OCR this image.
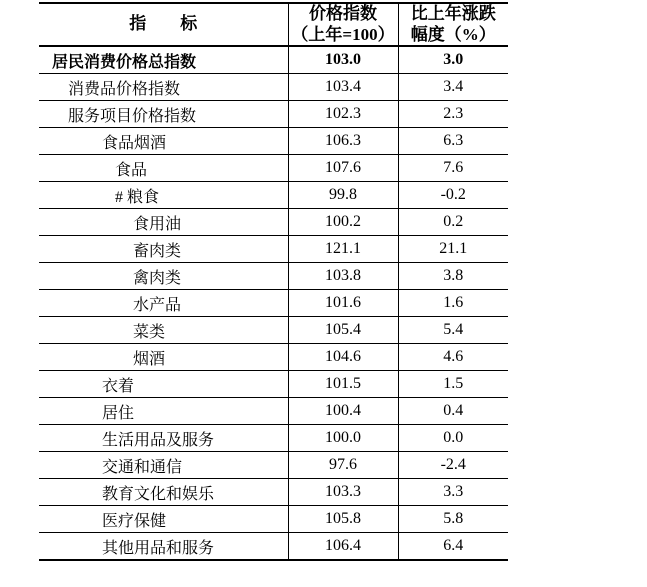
指　　标	价格指数
（上年=100）	比上年涨跌
幅度（%）
居民消费价格总指数	103.0	3.0
消费品价格指数	103.4	3.4
服务项目价格指数	102.3	2.3
食品烟酒	106.3	6.3
食品	107.6	7.6
# 粮食	99.8	-0.2
食用油	100.2	0.2
畜肉类	121.1	21.1
禽肉类	103.8	3.8
水产品	101.6	1.6
菜类	105.4	5.4
烟酒	104.6	4.6
衣着	101.5	1.5
居住	100.4	0.4
生活用品及服务	100.0	0.0
交通和通信	97.6	-2.4
教育文化和娱乐	103.3	3.3
医疗保健	105.8	5.8
其他用品和服务	106.4	6.4
